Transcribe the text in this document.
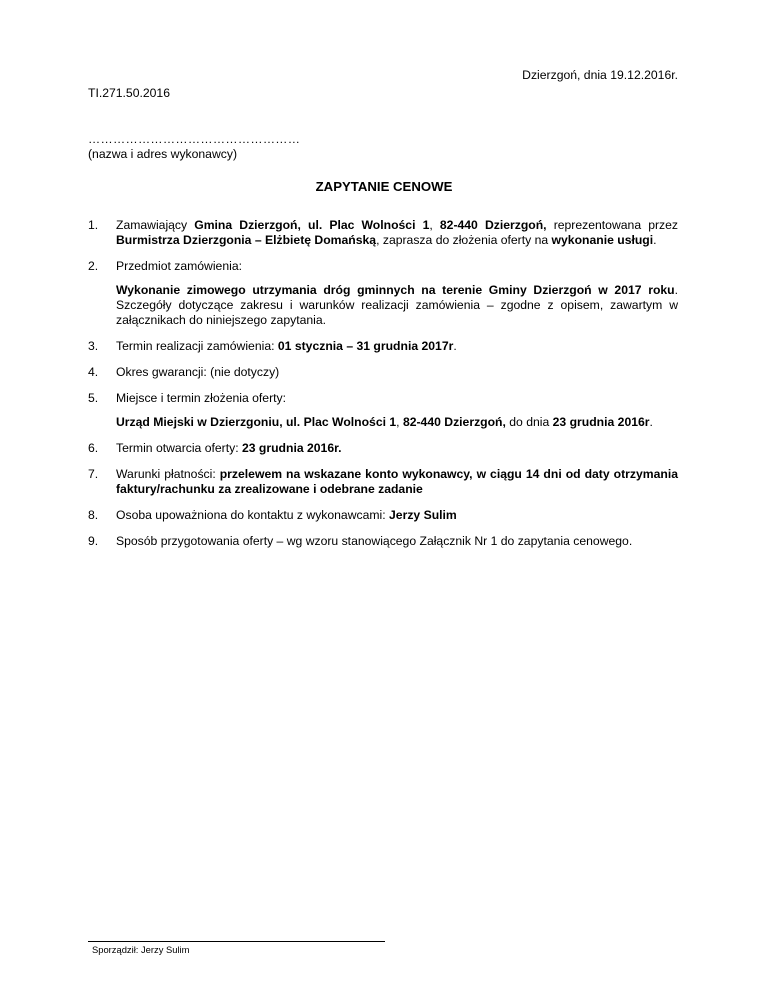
Dzierzgoń, dnia 19.12.2016r.
TI.271.50.2016
……………………………………………
(nazwa i adres wykonawcy)
ZAPYTANIE CENOWE
1. Zamawiający Gmina Dzierzgoń, ul. Plac Wolności 1, 82-440 Dzierzgoń, reprezentowana przez Burmistrza Dzierzgonia – Elżbietę Domańską, zaprasza do złożenia oferty na wykonanie usługi.
2. Przedmiot zamówienia:
Wykonanie zimowego utrzymania dróg gminnych na terenie Gminy Dzierzgoń w 2017 roku. Szczegóły dotyczące zakresu i warunków realizacji zamówienia – zgodne z opisem, zawartym w załącznikach do niniejszego zapytania.
3. Termin realizacji zamówienia: 01 stycznia – 31 grudnia 2017r.
4. Okres gwarancji: (nie dotyczy)
5. Miejsce i termin złożenia oferty:
Urząd Miejski w Dzierzgoniu, ul. Plac Wolności 1, 82-440 Dzierzgoń, do dnia 23 grudnia 2016r.
6. Termin otwarcia oferty: 23 grudnia 2016r.
7. Warunki płatności: przelewem na wskazane konto wykonawcy, w ciągu 14 dni od daty otrzymania faktury/rachunku za zrealizowane i odebrane zadanie
8. Osoba upoważniona do kontaktu z wykonawcami: Jerzy Sulim
9. Sposób przygotowania oferty – wg wzoru stanowiącego Załącznik Nr 1 do zapytania cenowego.
Sporządził: Jerzy Sulim
